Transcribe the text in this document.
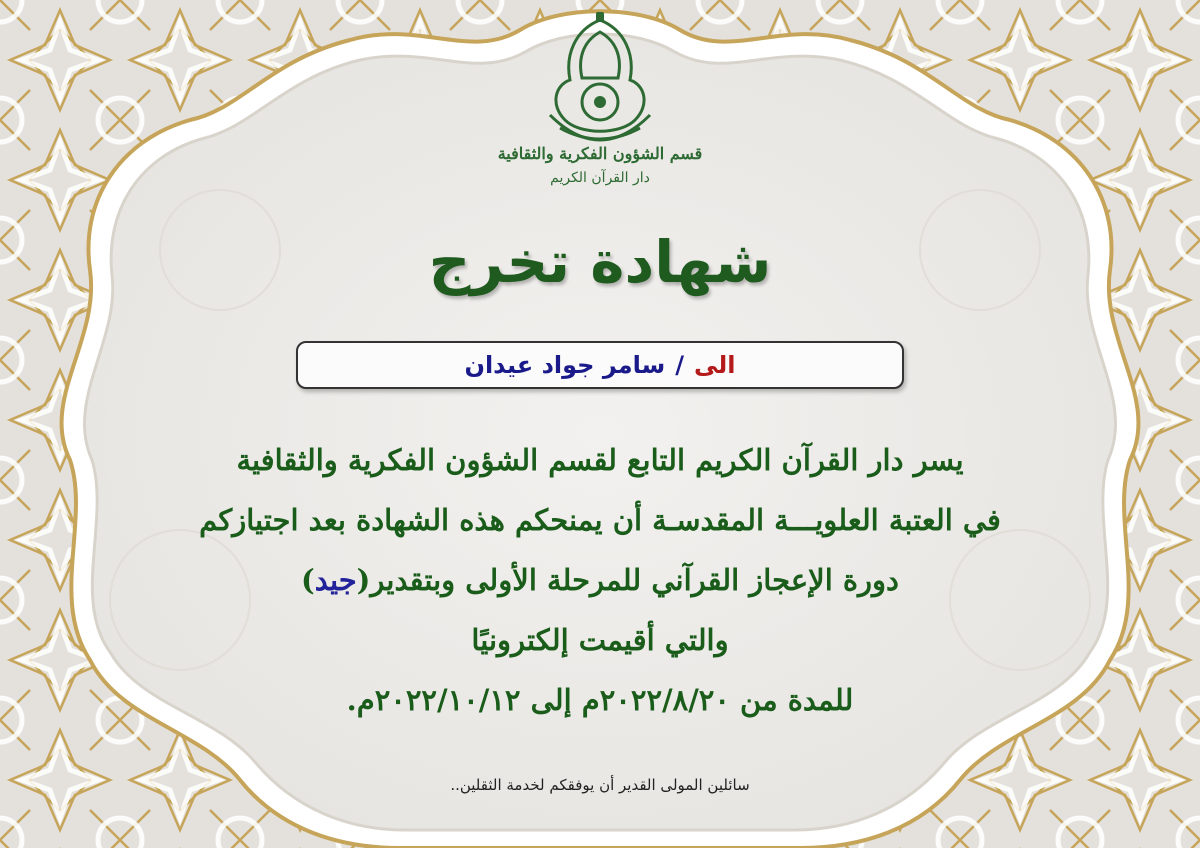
قسم الشؤون الفكرية والثقافية
دار القرآن الكريم
شهادة تخرج
الى/سامر جواد عيدان
يسر دار القرآن الكريم التابع لقسم الشؤون الفكرية والثقافية
في العتبة العلويـــة المقدسـة أن يمنحكم هذه الشهادة بعد اجتيازكم
دورة الإعجاز القرآني للمرحلة الأولى وبتقدير(جيد)
والتي أقيمت إلكترونيًا
للمدة من ٢٠٢٢/٨/٢٠م إلى ٢٠٢٢/١٠/١٢م.
سائلين المولى القدير أن يوفقكم لخدمة الثقلين..
